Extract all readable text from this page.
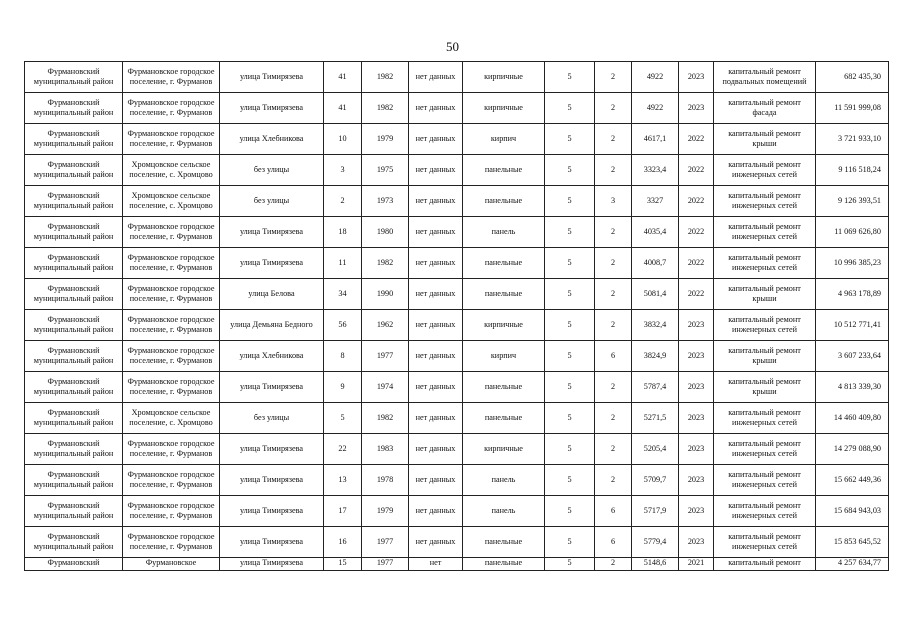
50
Фурмановский муниципальный район	Фурмановское городское поселение, г. Фурманов	улица Тимирязева	41	1982	нет данных	кирпичные	5	2	4922	2023	капитальный ремонт подвальных помещений	682 435,30

Фурмановский муниципальный район	Фурмановское городское поселение, г. Фурманов	улица Тимирязева	41	1982	нет данных	кирпичные	5	2	4922	2023	капитальный ремонт фасада	11 591 999,08

Фурмановский муниципальный район	Фурмановское городское поселение, г. Фурманов	улица Хлебникова	10	1979	нет данных	кирпич	5	2	4617,1	2022	капитальный ремонт крыши	3 721 933,10

Фурмановский муниципальный район	Хромцовское сельское поселение, с. Хромцово	без улицы	3	1975	нет данных	панельные	5	2	3323,4	2022	капитальный ремонт инженерных сетей	9 116 518,24

Фурмановский муниципальный район	Хромцовское сельское поселение, с. Хромцово	без улицы	2	1973	нет данных	панельные	5	3	3327	2022	капитальный ремонт инженерных сетей	9 126 393,51

Фурмановский муниципальный район	Фурмановское городское поселение, г. Фурманов	улица Тимирязева	18	1980	нет данных	панель	5	2	4035,4	2022	капитальный ремонт инженерных сетей	11 069 626,80

Фурмановский муниципальный район	Фурмановское городское поселение, г. Фурманов	улица Тимирязева	11	1982	нет данных	панельные	5	2	4008,7	2022	капитальный ремонт инженерных сетей	10 996 385,23

Фурмановский муниципальный район	Фурмановское городское поселение, г. Фурманов	улица Белова	34	1990	нет данных	панельные	5	2	5081,4	2022	капитальный ремонт крыши	4 963 178,89

Фурмановский муниципальный район	Фурмановское городское поселение, г. Фурманов	улица Демьяна Бедного	56	1962	нет данных	кирпичные	5	2	3832,4	2023	капитальный ремонт инженерных сетей	10 512 771,41

Фурмановский муниципальный район	Фурмановское городское поселение, г. Фурманов	улица Хлебникова	8	1977	нет данных	кирпич	5	6	3824,9	2023	капитальный ремонт крыши	3 607 233,64

Фурмановский муниципальный район	Фурмановское городское поселение, г. Фурманов	улица Тимирязева	9	1974	нет данных	панельные	5	2	5787,4	2023	капитальный ремонт крыши	4 813 339,30

Фурмановский муниципальный район	Хромцовское сельское поселение, с. Хромцово	без улицы	5	1982	нет данных	панельные	5	2	5271,5	2023	капитальный ремонт инженерных сетей	14 460 409,80

Фурмановский муниципальный район	Фурмановское городское поселение, г. Фурманов	улица Тимирязева	22	1983	нет данных	кирпичные	5	2	5205,4	2023	капитальный ремонт инженерных сетей	14 279 088,90

Фурмановский муниципальный район	Фурмановское городское поселение, г. Фурманов	улица Тимирязева	13	1978	нет данных	панель	5	2	5709,7	2023	капитальный ремонт инженерных сетей	15 662 449,36

Фурмановский муниципальный район	Фурмановское городское поселение, г. Фурманов	улица Тимирязева	17	1979	нет данных	панель	5	6	5717,9	2023	капитальный ремонт инженерных сетей	15 684 943,03

Фурмановский муниципальный район	Фурмановское городское поселение, г. Фурманов	улица Тимирязева	16	1977	нет данных	панельные	5	6	5779,4	2023	капитальный ремонт инженерных сетей	15 853 645,52

Фурмановский	Фурмановское	улица Тимирязева	15	1977	нет	панельные	5	2	5148,6	2021	капитальный ремонт	4 257 634,77
